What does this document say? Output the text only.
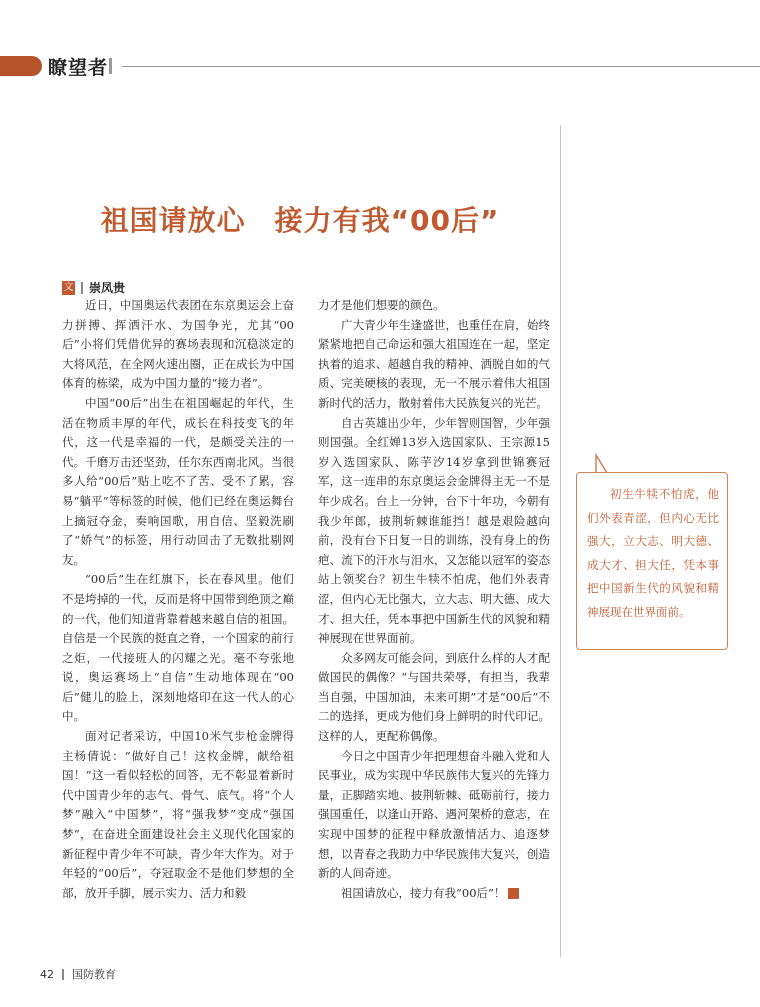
瞭望者
祖国请放心　接力有我“00后”
文 崇凤贵

近日，中国奥运代表团在东京奥运会上奋力拼搏、挥洒汗水、为国争光，尤其“00后”小将们凭借优异的赛场表现和沉稳淡定的大将风范，在全网火速出圈，正在成长为中国体育的栋梁，成为中国力量的“接力者”。

中国“00后”出生在祖国崛起的年代，生活在物质丰厚的年代，成长在科技变飞的年代，这一代是幸福的一代，是颇受关注的一代。千磨万击还坚劲，任尔东西南北风。当很多人给“00后”贴上吃不了苦、受不了累，容易“躺平”等标签的时候，他们已经在奥运舞台上摘冠夺金，奏响国歌，用自信、坚毅洗刷了“娇气”的标签，用行动回击了无数批剔网友。

“00后”生在红旗下，长在春风里。他们不是垮掉的一代，反而是将中国带到绝顶之巅的一代，他们知道背靠着越来越自信的祖国。自信是一个民族的挺直之脊，一个国家的前行之炬，一代接班人的闪耀之光。毫不夸张地说，奥运赛场上“自信”生动地体现在“00后”健儿的脸上，深刻地烙印在这一代人的心中。

面对记者采访，中国10米气步枪金牌得主杨倩说：“做好自己！这枚金牌，献给祖国！”这一看似轻松的回答，无不彰显着新时代中国青少年的志气、骨气、底气。将“个人梦”融入“中国梦”，将“强我梦”变成“强国梦”，在奋进全面建设社会主义现代化国家的新征程中青少年不可缺，青少年大作为。对于年轻的“00后”，夺冠取金不是他们梦想的全部，放开手脚，展示实力、活力和毅

力才是他们想要的颜色。

广大青少年生逢盛世，也重任在肩，始终紧紧地把自己命运和强大祖国连在一起，坚定执着的追求、超越自我的精神、洒脱自如的气质、完美硬核的表现，无一不展示着伟大祖国新时代的活力，散射着伟大民族复兴的光芒。

自古英雄出少年，少年智则国智，少年强则国强。全红婵13岁入选国家队、王宗源15岁入选国家队、陈芋汐14岁拿到世锦赛冠军，这一连串的东京奥运会金牌得主无一不是年少成名。台上一分钟，台下十年功，今朝有我少年郎，披荆斩棘谁能挡！越是艰险越向前，没有台下日复一日的训练，没有身上的伤疤、流下的汗水与泪水，又怎能以冠军的姿态站上领奖台？初生牛犊不怕虎，他们外表青涩，但内心无比强大，立大志、明大德、成大才、担大任，凭本事把中国新生代的风貌和精神展现在世界面前。

众多网友可能会问，到底什么样的人才配做国民的偶像？“与国共荣辱，有担当，我辈当自强，中国加油，未来可期”才是“00后”不二的选择，更成为他们身上鲜明的时代印记。这样的人，更配称偶像。

今日之中国青少年把理想奋斗融入党和人民事业，成为实现中华民族伟大复兴的先锋力量，正脚踏实地、披荆斩棘、砥砺前行，接力强国重任，以逢山开路、遇河架桥的意志，在实现中国梦的征程中释放激情活力、追逐梦想，以青春之我助力中华民族伟大复兴，创造新的人间奇迹。

祖国请放心，接力有我“00后”！	G

初生牛犊不怕虎，他们外表青涩，但内心无比强大，立大志、明大德、成大才、担大任，凭本事把中国新生代的风貌和精神展现在世界面前。
42 国防教育
